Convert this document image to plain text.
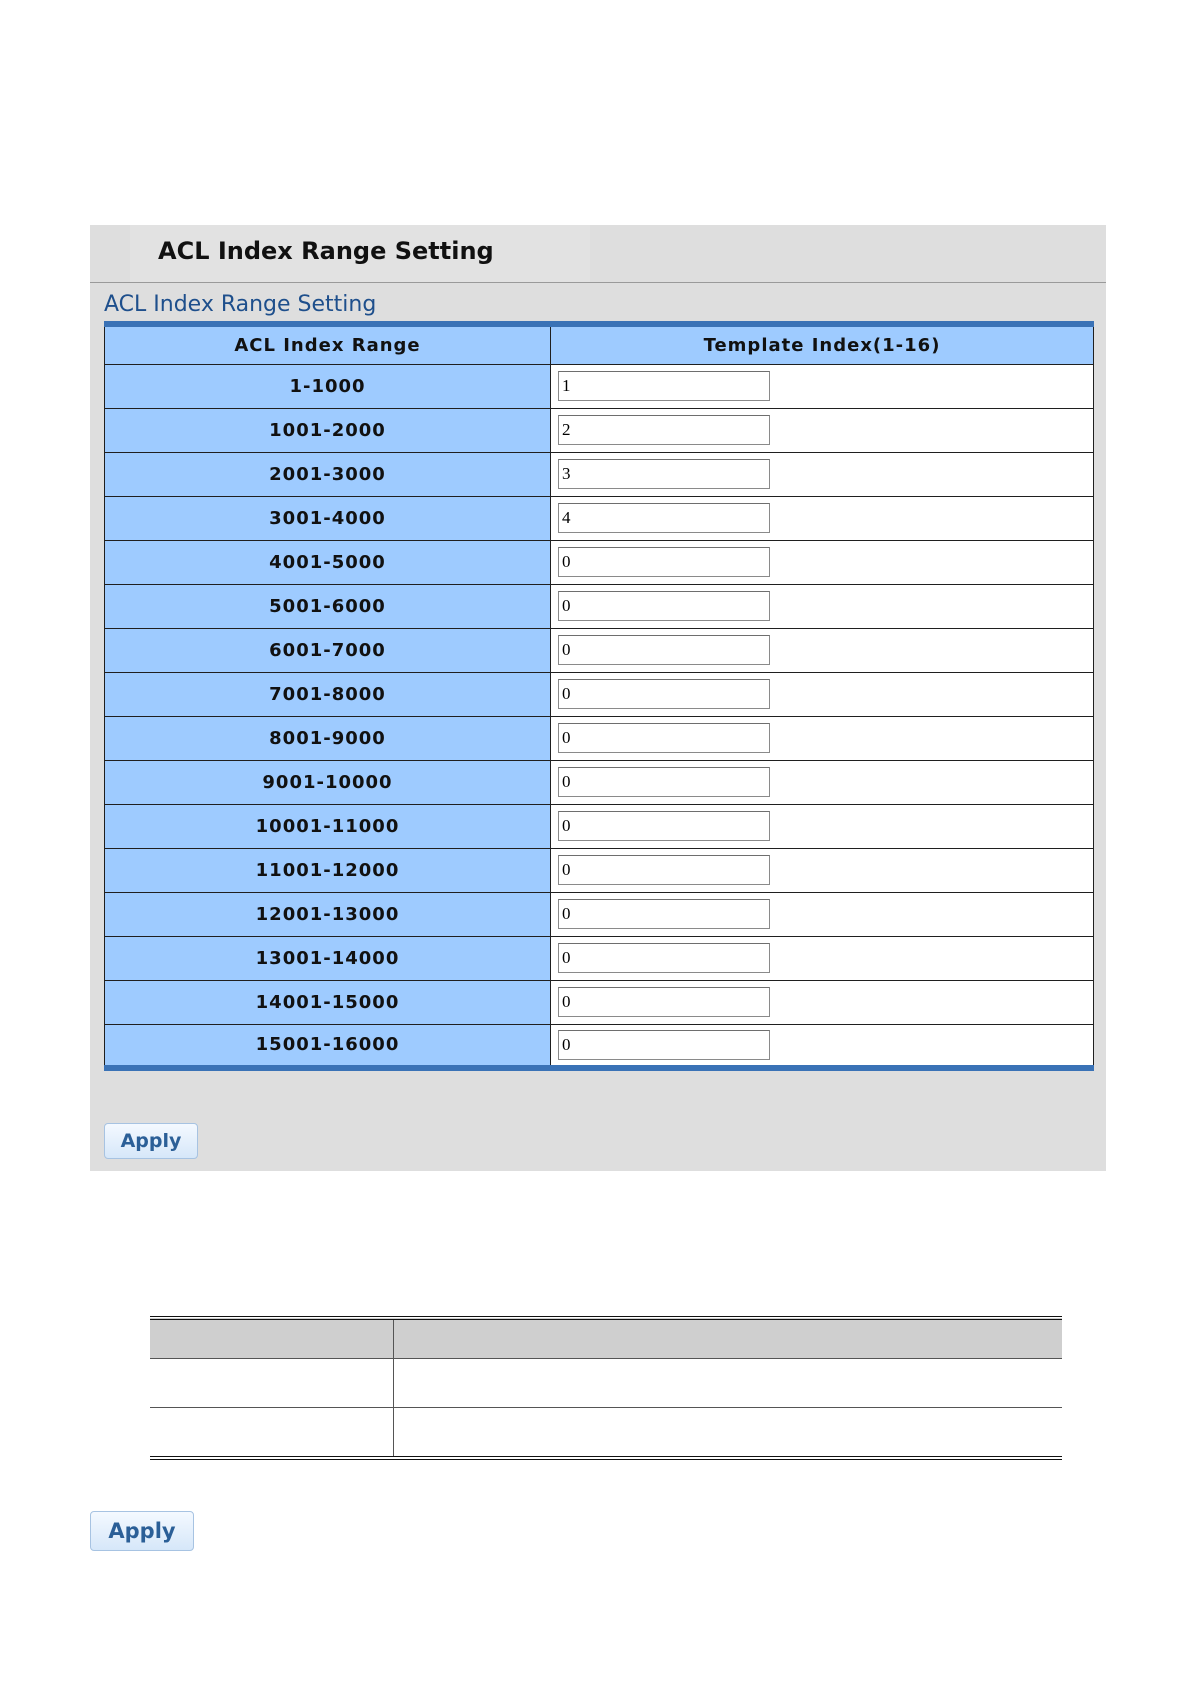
ACL Index Range Setting
ACL Index Range Setting
ACL Index Range	Template Index(1-16)
1-1000	1
1001-2000	2
2001-3000	3
3001-4000	4
4001-5000	0
5001-6000	0
6001-7000	0
7001-8000	0
8001-9000	0
9001-10000	0
10001-11000	0
11001-12000	0
12001-13000	0
13001-14000	0
14001-15000	0
15001-16000	0
Apply

Apply
